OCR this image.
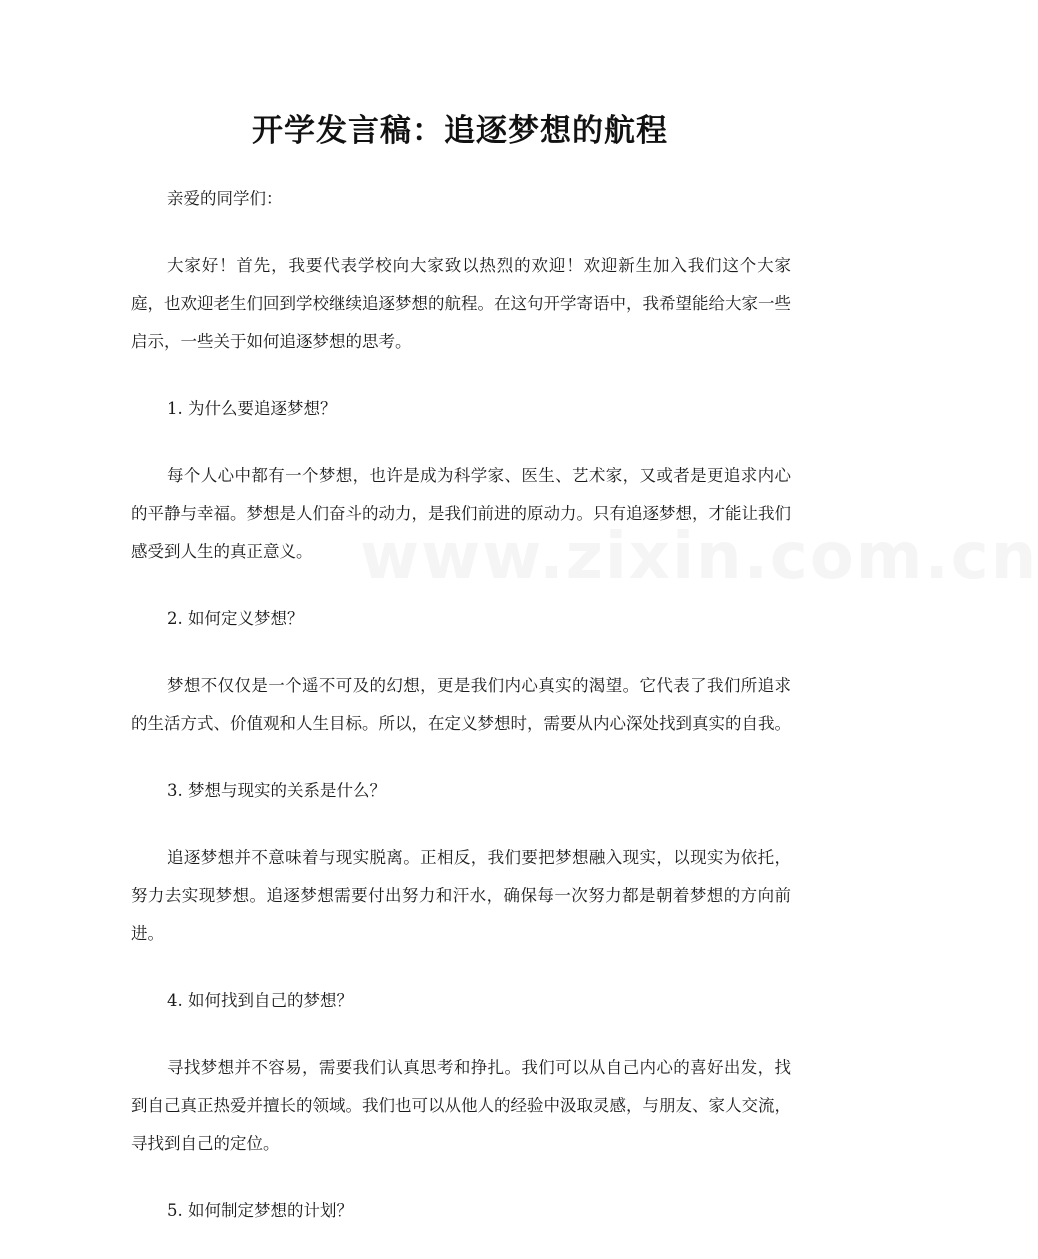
www.zixin.com.cn
开学发言稿：追逐梦想的航程

亲爱的同学们：

大家好！首先，我要代表学校向大家致以热烈的欢迎！欢迎新生加入我们这个大家庭，也欢迎老生们回到学校继续追逐梦想的航程。在这句开学寄语中，我希望能给大家一些启示，一些关于如何追逐梦想的思考。

1. 为什么要追逐梦想？

每个人心中都有一个梦想，也许是成为科学家、医生、艺术家，又或者是更追求内心的平静与幸福。梦想是人们奋斗的动力，是我们前进的原动力。只有追逐梦想，才能让我们感受到人生的真正意义。

2. 如何定义梦想？

梦想不仅仅是一个遥不可及的幻想，更是我们内心真实的渴望。它代表了我们所追求的生活方式、价值观和人生目标。所以，在定义梦想时，需要从内心深处找到真实的自我。

3. 梦想与现实的关系是什么？

追逐梦想并不意味着与现实脱离。正相反，我们要把梦想融入现实，以现实为依托，努力去实现梦想。追逐梦想需要付出努力和汗水，确保每一次努力都是朝着梦想的方向前进。

4. 如何找到自己的梦想？

寻找梦想并不容易，需要我们认真思考和挣扎。我们可以从自己内心的喜好出发，找到自己真正热爱并擅长的领域。我们也可以从他人的经验中汲取灵感，与朋友、家人交流，寻找到自己的定位。

5. 如何制定梦想的计划？
